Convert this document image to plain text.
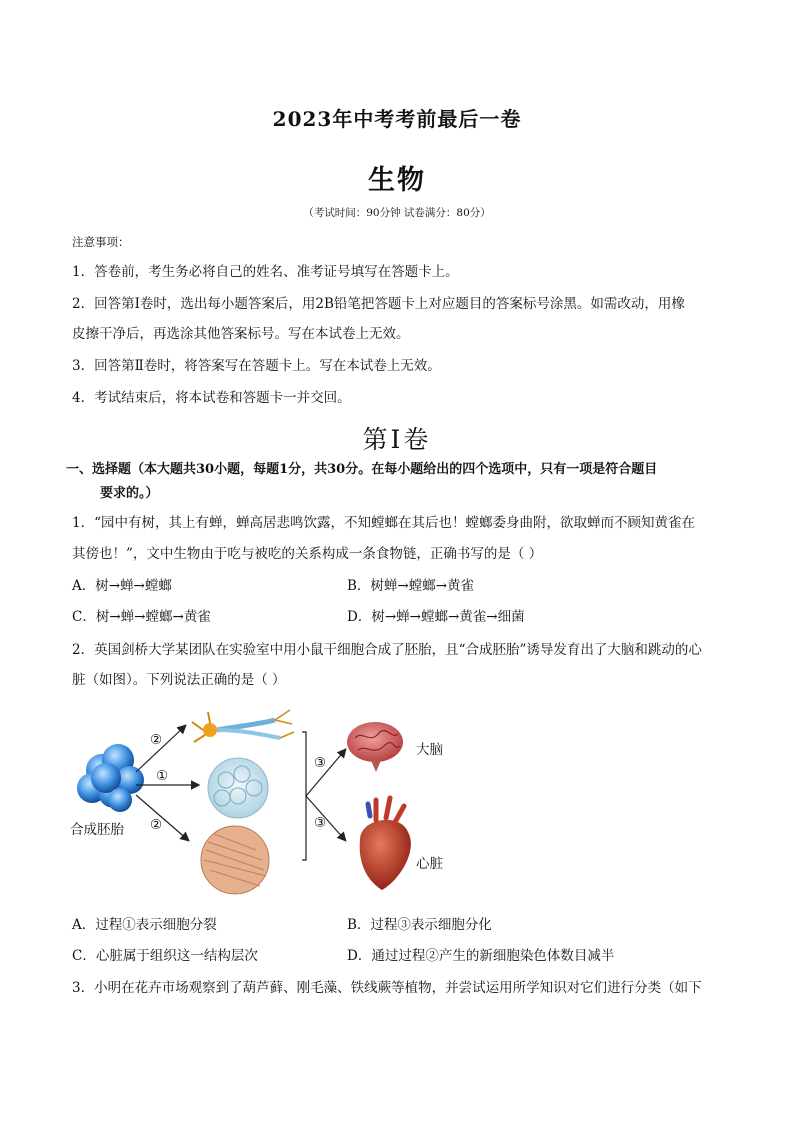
2023年中考考前最后一卷
生物
（考试时间：90分钟 试卷满分：80分）
注意事项：
1．答卷前，考生务必将自己的姓名、准考证号填写在答题卡上。
2．回答第Ⅰ卷时，选出每小题答案后，用2B铅笔把答题卡上对应题目的答案标号涂黑。如需改动，用橡
皮擦干净后，再选涂其他答案标号。写在本试卷上无效。
3．回答第Ⅱ卷时，将答案写在答题卡上。写在本试卷上无效。
4．考试结束后，将本试卷和答题卡一并交回。
第Ⅰ卷
一、选择题（本大题共30小题，每题1分，共30分。在每小题给出的四个选项中，只有一项是符合题目
要求的。）
1．“园中有树，其上有蝉，蝉高居悲鸣饮露，不知螳螂在其后也！螳螂委身曲附，欲取蝉而不顾知黄雀在
其傍也！”，文中生物由于吃与被吃的关系构成一条食物链，正确书写的是（ ）
A．树→蝉→螳螂	B．树蝉→螳螂→黄雀
C．树→蝉→螳螂→黄雀	D．树→蝉→螳螂→黄雀→细菌
2．英国剑桥大学某团队在实验室中用小鼠干细胞合成了胚胎，且“合成胚胎”诱导发育出了大脑和跳动的心
脏（如图）。下列说法正确的是（ ）
②
①
②
③
③
合成胚胎
大脑
心脏
A．过程①表示细胞分裂	B．过程③表示细胞分化
C．心脏属于组织这一结构层次	D．通过过程②产生的新细胞染色体数目减半
3．小明在花卉市场观察到了葫芦藓、刚毛藻、铁线蕨等植物，并尝试运用所学知识对它们进行分类（如下
